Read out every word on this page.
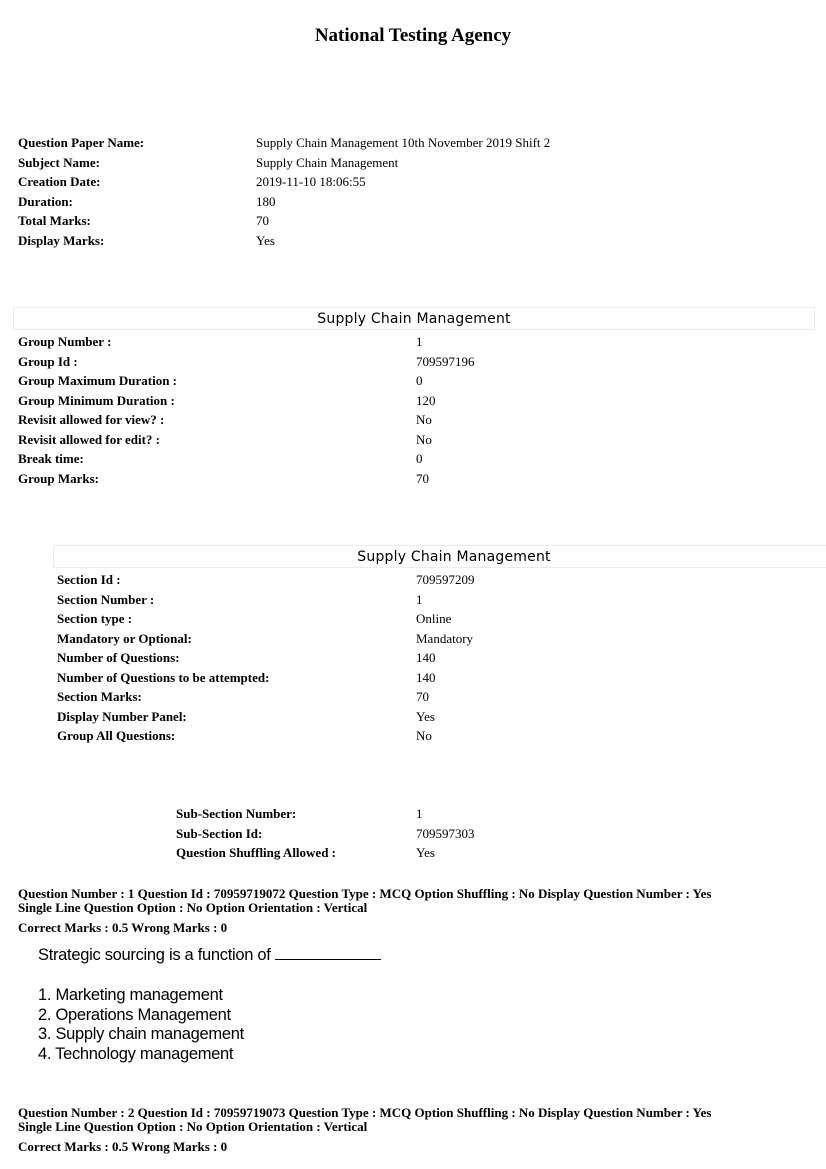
National Testing Agency
Question Paper Name:	Supply Chain Management 10th November 2019 Shift 2
Subject Name:	Supply Chain Management
Creation Date:	2019-11-10 18:06:55
Duration:	180
Total Marks:	70
Display Marks:	Yes
Supply Chain Management
Group Number :	1
Group Id :	709597196
Group Maximum Duration :	0
Group Minimum Duration :	120
Revisit allowed for view? :	No
Revisit allowed for edit? :	No
Break time:	0
Group Marks:	70
Supply Chain Management
Section Id :	709597209
Section Number :	1
Section type :	Online
Mandatory or Optional:	Mandatory
Number of Questions:	140
Number of Questions to be attempted:	140
Section Marks:	70
Display Number Panel:	Yes
Group All Questions:	No
Sub-Section Number:	1
Sub-Section Id:	709597303
Question Shuffling Allowed :	Yes
Question Number : 1 Question Id : 70959719072 Question Type : MCQ Option Shuffling : No Display Question Number : Yes
Single Line Question Option : No Option Orientation : Vertical
Correct Marks : 0.5 Wrong Marks : 0
Strategic sourcing is a function of
1. Marketing management
2. Operations Management
3. Supply chain management
4. Technology management
Question Number : 2 Question Id : 70959719073 Question Type : MCQ Option Shuffling : No Display Question Number : Yes
Single Line Question Option : No Option Orientation : Vertical
Correct Marks : 0.5 Wrong Marks : 0
